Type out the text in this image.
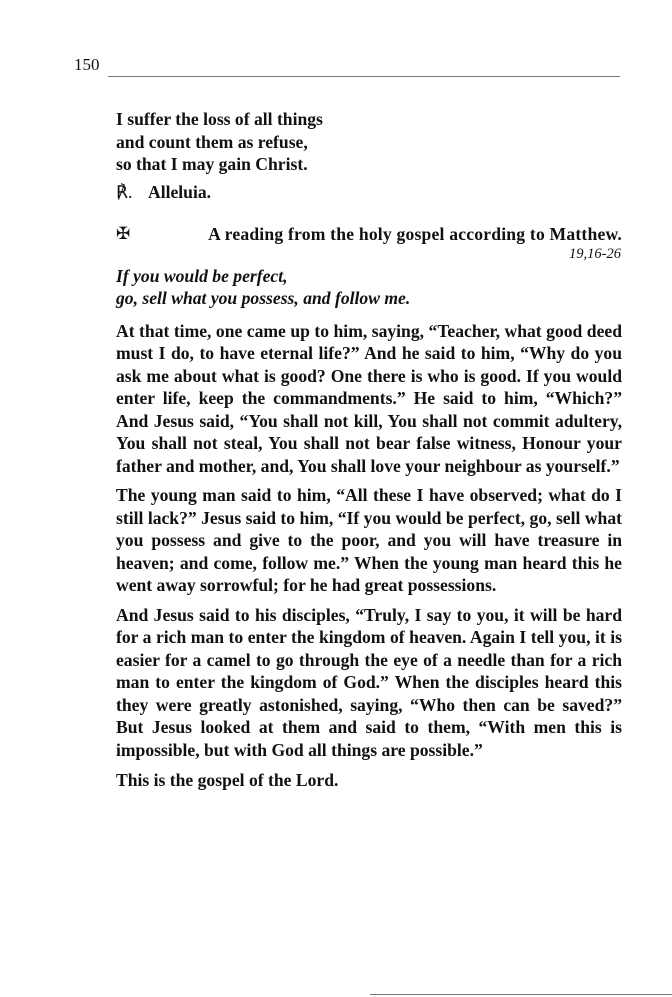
150
I suffer the loss of all things
and count them as refuse,
so that I may gain Christ.
℟. Alleluia.
✠	A reading from the holy gospel according to Matthew.
19,16-26
If you would be perfect,
go, sell what you possess, and follow me.

At that time, one came up to him, saying, “Teacher, what good deed must I do, to have eternal life?” And he said to him, “Why do you ask me about what is good? One there is who is good. If you would enter life, keep the commandments.” He said to him, “Which?” And Jesus said, “You shall not kill, You shall not commit adultery, You shall not steal, You shall not bear false witness, Honour your father and mother, and, You shall love your neighbour as yourself.”

The young man said to him, “All these I have observed; what do I still lack?” Jesus said to him, “If you would be perfect, go, sell what you possess and give to the poor, and you will have treasure in heaven; and come, follow me.” When the young man heard this he went away sorrowful; for he had great possessions.

And Jesus said to his disciples, “Truly, I say to you, it will be hard for a rich man to enter the kingdom of heaven. Again I tell you, it is easier for a camel to go through the eye of a needle than for a rich man to enter the kingdom of God.” When the disciples heard this they were greatly astonished, saying, “Who then can be saved?” But Jesus looked at them and said to them, “With men this is impossible, but with God all things are possible.”

This is the gospel of the Lord.
